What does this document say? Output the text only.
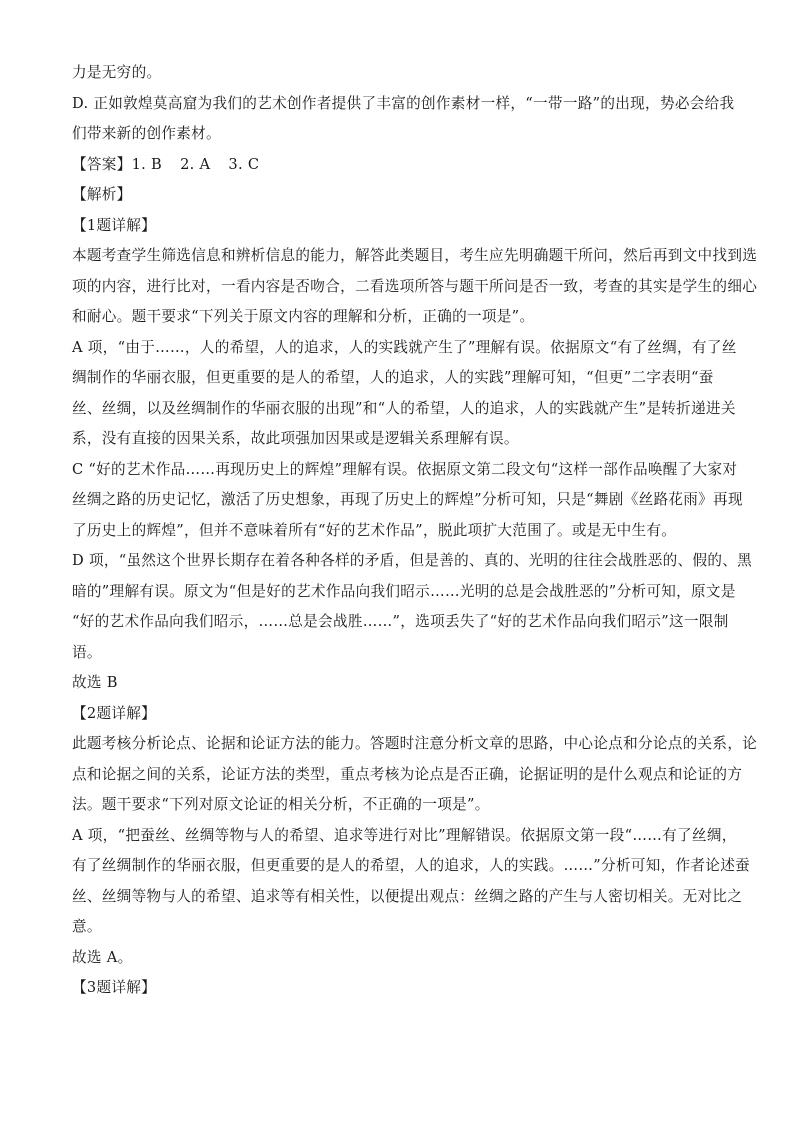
力是无穷的。
D. 正如敦煌莫高窟为我们的艺术创作者提供了丰富的创作素材一样，“一带一路”的出现，势必会给我
们带来新的创作素材。
【答案】1. B 2. A 3. C
【解析】
【1题详解】
本题考查学生筛选信息和辨析信息的能力，解答此类题目，考生应先明确题干所问，然后再到文中找到选
项的内容，进行比对，一看内容是否吻合，二看选项所答与题干所问是否一致，考查的其实是学生的细心
和耐心。题干要求“下列关于原文内容的理解和分析，正确的一项是”。
A 项，“由于……，人的希望，人的追求，人的实践就产生了”理解有误。依据原文“有了丝绸，有了丝
绸制作的华丽衣服，但更重要的是人的希望，人的追求，人的实践”理解可知，“但更”二字表明“蚕
丝、丝绸，以及丝绸制作的华丽衣服的出现”和“人的希望，人的追求，人的实践就产生”是转折递进关
系，没有直接的因果关系，故此项强加因果或是逻辑关系理解有误。
C “好的艺术作品……再现历史上的辉煌”理解有误。依据原文第二段文句“这样一部作品唤醒了大家对
丝绸之路的历史记忆，激活了历史想象，再现了历史上的辉煌”分析可知，只是“舞剧《丝路花雨》再现
了历史上的辉煌”，但并不意味着所有“好的艺术作品”，脱此项扩大范围了。或是无中生有。
D 项，“虽然这个世界长期存在着各种各样的矛盾，但是善的、真的、光明的往往会战胜恶的、假的、黑
暗的”理解有误。原文为“但是好的艺术作品向我们昭示……光明的总是会战胜恶的”分析可知，原文是
“好的艺术作品向我们昭示，……总是会战胜……”，选项丢失了“好的艺术作品向我们昭示”这一限制
语。
故选 B
【2题详解】
此题考核分析论点、论据和论证方法的能力。答题时注意分析文章的思路，中心论点和分论点的关系，论
点和论据之间的关系，论证方法的类型，重点考核为论点是否正确，论据证明的是什么观点和论证的方
法。题干要求“下列对原文论证的相关分析，不正确的一项是”。
A 项，“把蚕丝、丝绸等物与人的希望、追求等进行对比”理解错误。依据原文第一段“……有了丝绸，
有了丝绸制作的华丽衣服，但更重要的是人的希望，人的追求，人的实践。……”分析可知，作者论述蚕
丝、丝绸等物与人的希望、追求等有相关性，以便提出观点：丝绸之路的产生与人密切相关。无对比之
意。
故选 A。
【3题详解】
